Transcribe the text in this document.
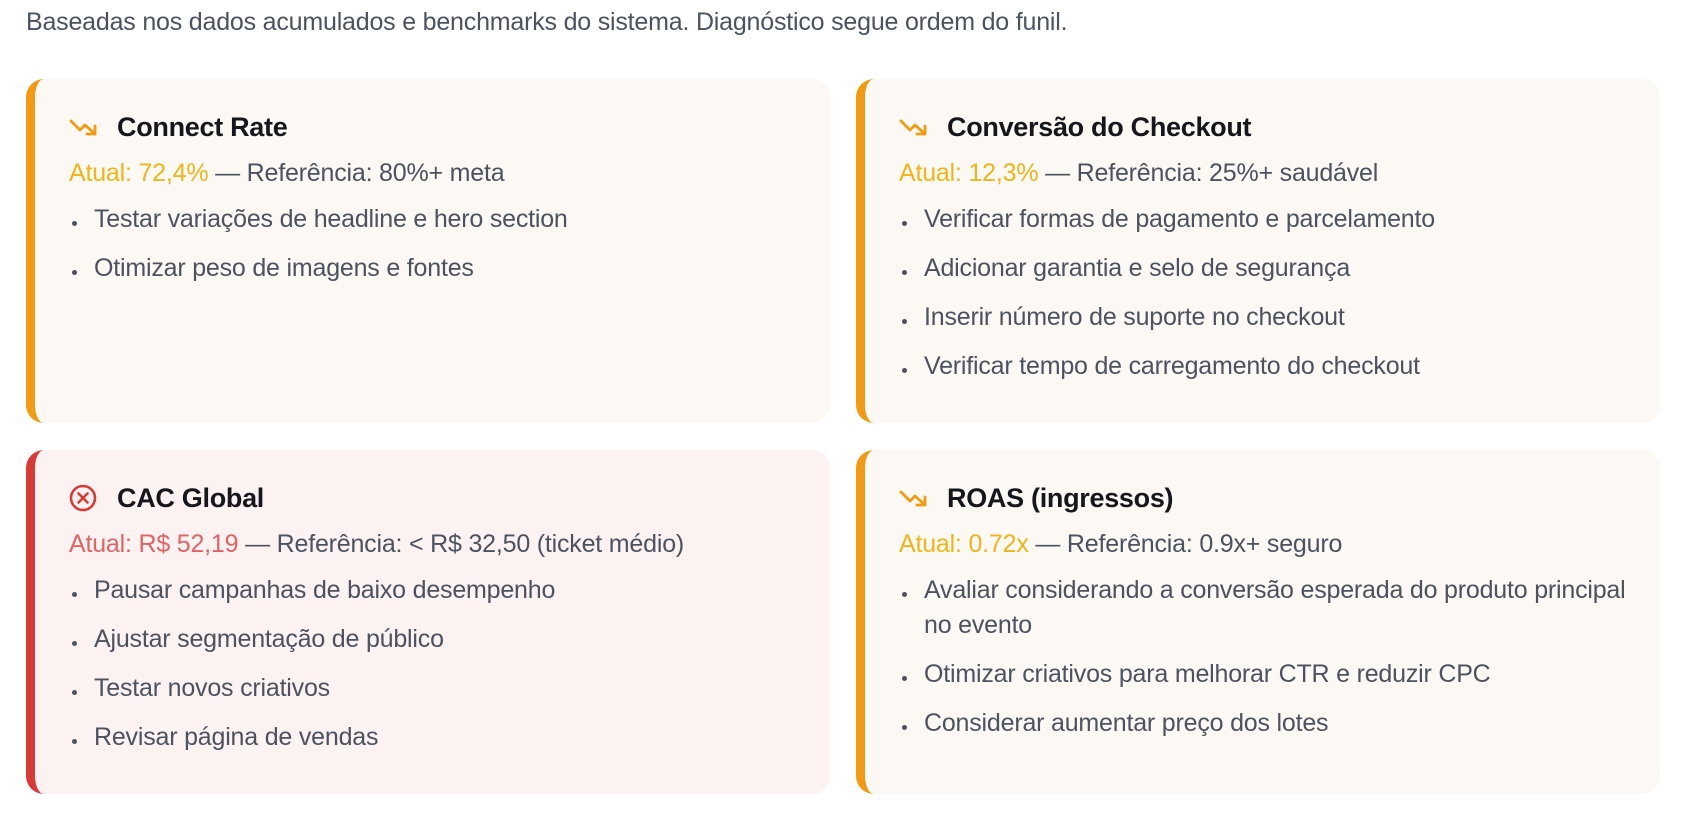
Baseadas nos dados acumulados e benchmarks do sistema. Diagnóstico segue ordem do funil.
Connect Rate
Atual: 72,4% — Referência: 80%+ meta
Testar variações de headline e hero section
Otimizar peso de imagens e fontes
Conversão do Checkout
Atual: 12,3% — Referência: 25%+ saudável
Verificar formas de pagamento e parcelamento
Adicionar garantia e selo de segurança
Inserir número de suporte no checkout
Verificar tempo de carregamento do checkout
CAC Global
Atual: R$ 52,19 — Referência: < R$ 32,50 (ticket médio)
Pausar campanhas de baixo desempenho
Ajustar segmentação de público
Testar novos criativos
Revisar página de vendas
ROAS (ingressos)
Atual: 0.72x — Referência: 0.9x+ seguro
Avaliar considerando a conversão esperada do produto principal no evento
Otimizar criativos para melhorar CTR e reduzir CPC
Considerar aumentar preço dos lotes
